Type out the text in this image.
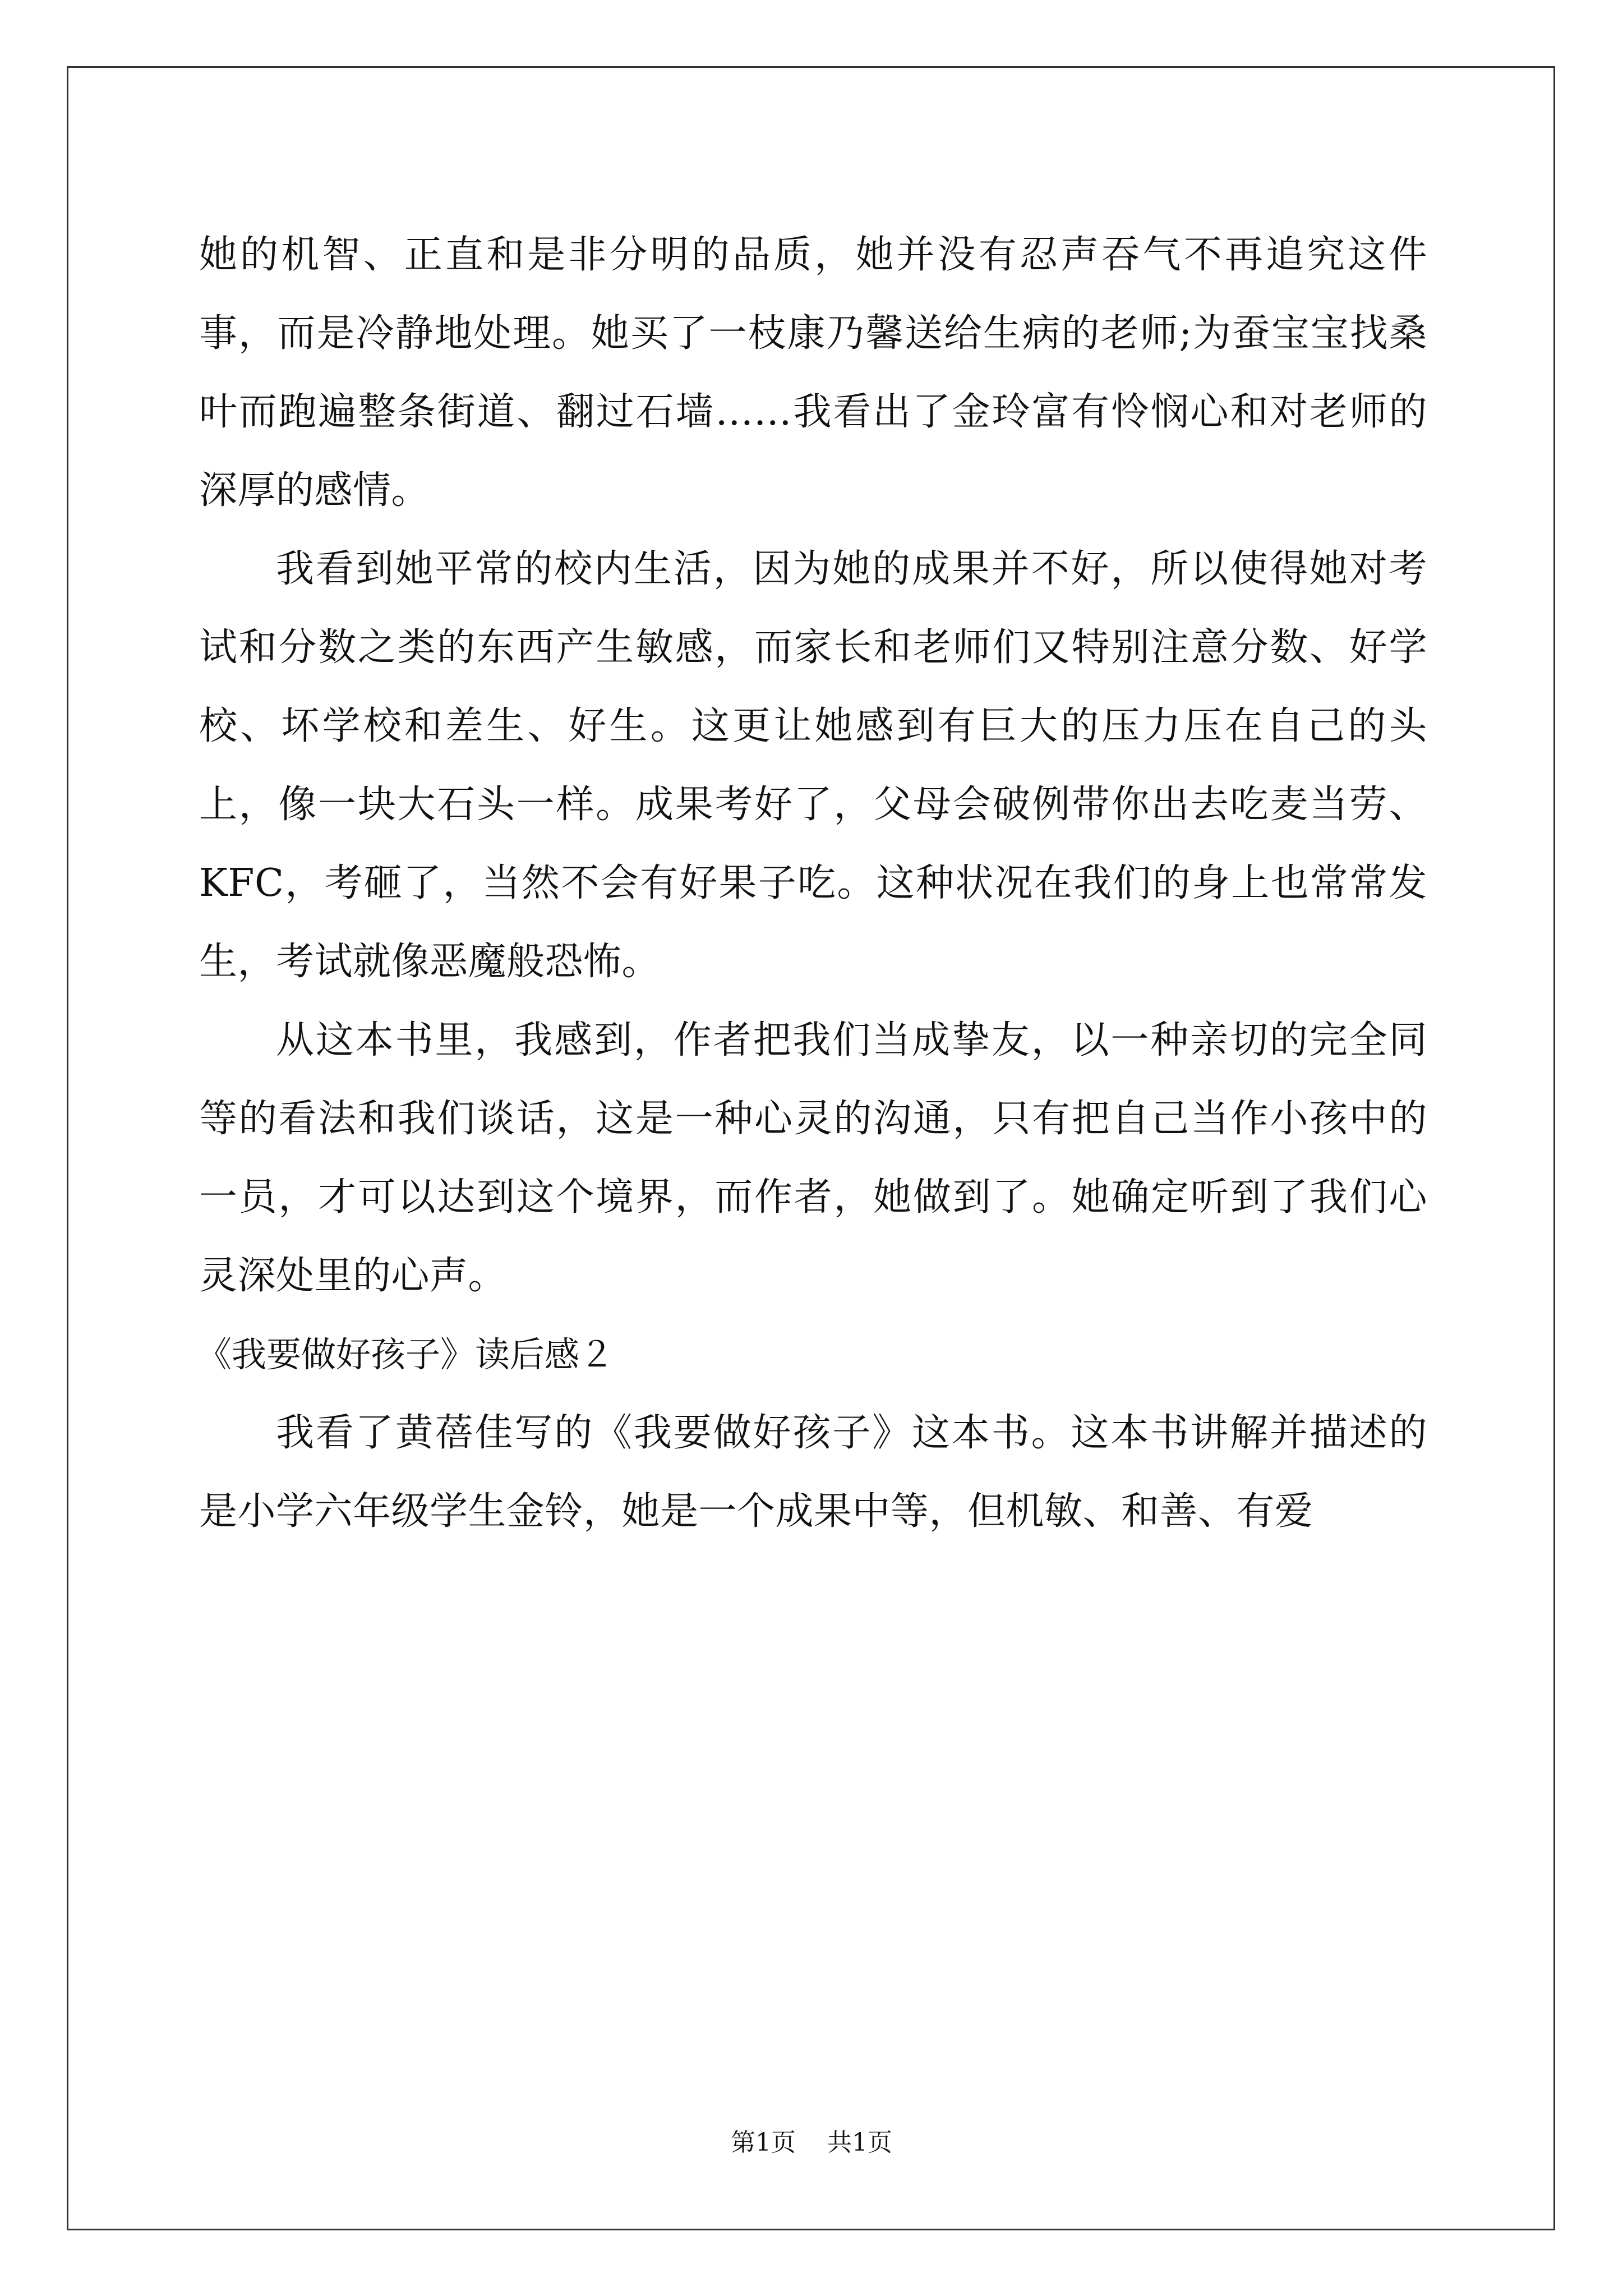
她的机智、正直和是非分明的品质，她并没有忍声吞气不再追究这件事，而是冷静地处理。她买了一枝康乃馨送给生病的老师;为蚕宝宝找桑叶而跑遍整条街道、翻过石墙……我看出了金玲富有怜悯心和对老师的深厚的感情。

我看到她平常的校内生活，因为她的成果并不好，所以使得她对考试和分数之类的东西产生敏感，而家长和老师们又特别注意分数、好学校、坏学校和差生、好生。这更让她感到有巨大的压力压在自己的头上，像一块大石头一样。成果考好了，父母会破例带你出去吃麦当劳、KFC，考砸了，当然不会有好果子吃。这种状况在我们的身上也常常发生，考试就像恶魔般恐怖。

从这本书里，我感到，作者把我们当成挚友，以一种亲切的完全同等的看法和我们谈话，这是一种心灵的沟通，只有把自己当作小孩中的一员，才可以达到这个境界，而作者，她做到了。她确定听到了我们心灵深处里的心声。

《我要做好孩子》读后感２

我看了黄蓓佳写的《我要做好孩子》这本书。这本书讲解并描述的是小学六年级学生金铃，她是一个成果中等，但机敏、和善、有爱

第1页 共1页
